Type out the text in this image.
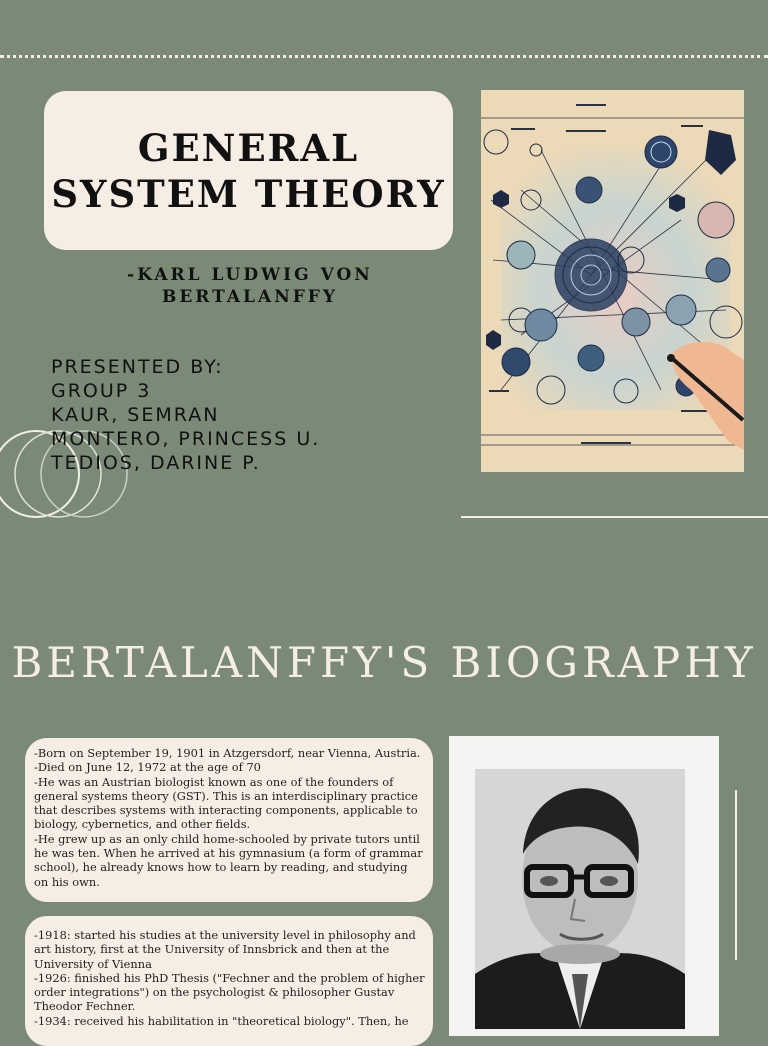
GENERAL SYSTEM THEORY
-KARL LUDWIG VON
BERTALANFFY
PRESENTED BY:
GROUP 3
KAUR, SEMRAN
MONTERO, PRINCESS U.
TEDIOS, DARINE P.
BERTALANFFY'S BIOGRAPHY

-Born on September 19, 1901 in Atzgersdorf, near Vienna, Austria.

-Died on June 12, 1972 at the age of 70

-He was an Austrian biologist known as one of the founders of general systems theory (GST). This is an interdisciplinary practice that describes systems with interacting components, applicable to biology, cybernetics, and other fields.

-He grew up as an only child home-schooled by private tutors until he was ten. When he arrived at his gymnasium (a form of grammar school), he already knows how to learn by reading, and studying on his own.

-1918: started his studies at the university level in philosophy and art history, first at the University of Innsbrick and then at the University of Vienna

-1926: finished his PhD Thesis ("Fechner and the problem of higher order integrations") on the psychologist & philosopher Gustav Theodor Fechner.

-1934: received his habilitation in "theoretical biology". Then, he
